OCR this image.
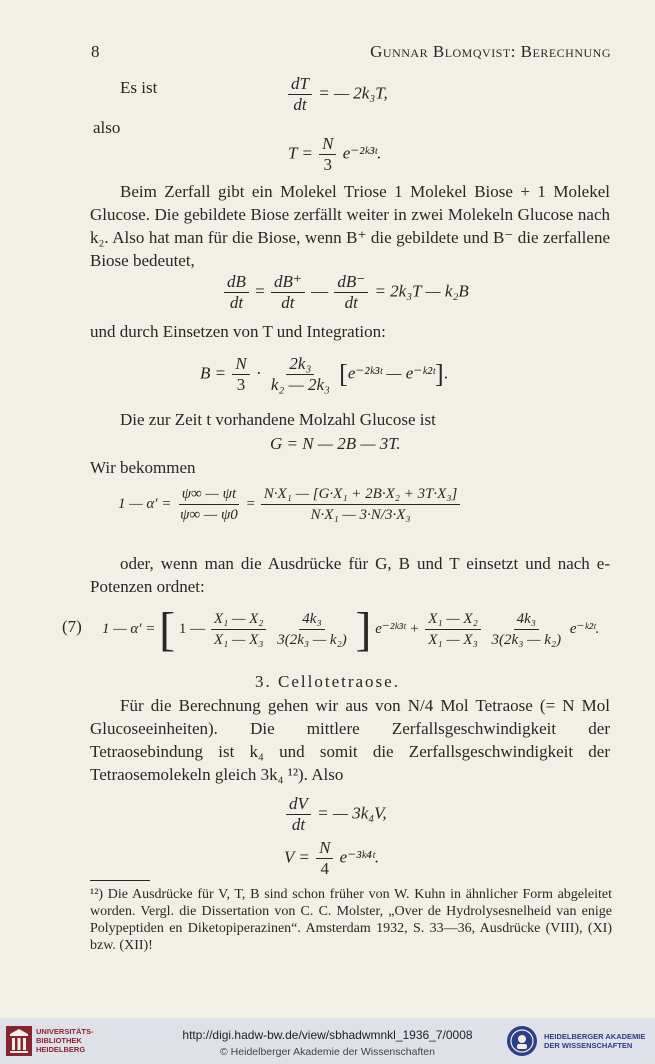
8	Gunnar Blomqvist: Berechnung
Es ist	$\frac{dT}{dt}$ = — 2k₃T,
also
$T = \frac{N}{3}$ e⁻²ᵏ³ᵗ.
Beim Zerfall gibt ein Molekel Triose 1 Molekel Biose + 1 Molekel Glucose. Die gebildete Biose zerfällt weiter in zwei Molekeln Glucose nach k₂. Also hat man für die Biose, wenn B⁺ die gebildete und B⁻ die zerfallene Biose bedeutet,
$\frac{dB}{dt} = \frac{dB^+}{dt}$ — $\frac{dB^-}{dt} = 2k_3T$ — k₂B
und durch Einsetzen von T und Integration:
$B = \frac{N}{3} \cdot \frac{\text{2k₃}}{\text{k₂ — 2k₃}}$ [e⁻²ᵏ³ᵗ — e⁻ᵏ²ᵗ].
Die zur Zeit t vorhandene Molzahl Glucose ist
G = N — 2B — 3T.
Wir bekommen
1 — $\alpha' = \frac{\psi\infty — \psi t}{\psi\infty — \psi 0} = \frac{\text{N·X₁ — [G·X₁ + 2B·X₂ + 3T·X₃]}}{\text{N·X₁ — 3·N/3·X₃}}$
oder, wenn man die Ausdrücke für G, B und T einsetzt und nach e-Potenzen ordnet:
(7) 1 — α′ = [ 1 — $\frac{\text{X₁ — X₂}}{\text{X₁ — X₃}}$
$\frac{\text{4k₃}}{\text{3(2k₃ — k₂)}}$ ] e⁻²ᵏ³ᵗ + $\frac{\text{X₁ — X₂}}{\text{X₁ — X₃}}$
$\frac{\text{4k₃}}{\text{3(2k₃ — k₂)}}$ e⁻ᵏ²ᵗ.
3. Cellotetraose.
Für die Berechnung gehen wir aus von N/4 Mol Tetraose (= N Mol Glucoseeinheiten). Die mittlere Zerfallsgeschwindigkeit der Tetraosebindung ist k₄ und somit die Zerfallsgeschwindigkeit der Tetraosemolekeln gleich 3k₄ ¹²). Also
$\frac{dV}{dt}$ = — 3k₄V,
$V = \frac{N}{4}$ e⁻³ᵏ⁴ᵗ.
¹²) Die Ausdrücke für V, T, B sind schon früher von W. Kuhn in ähnlicher Form abgeleitet worden. Vergl. die Dissertation von C. C. Molster, „Over de Hydrolysesnelheid van enige Polypeptiden en Diketopiperazinen“. Amsterdam 1932, S. 33—36, Ausdrücke (VIII), (XI) bzw. (XII)!
UNIVERSITÄTS-
BIBLIOTHEK
HEIDELBERG
http://digi.hadw-bw.de/view/sbhadwmnkl_1936_7/0008
© Heidelberger Akademie der Wissenschaften
HEIDELBERGER AKADEMIE
DER WISSENSCHAFTEN
